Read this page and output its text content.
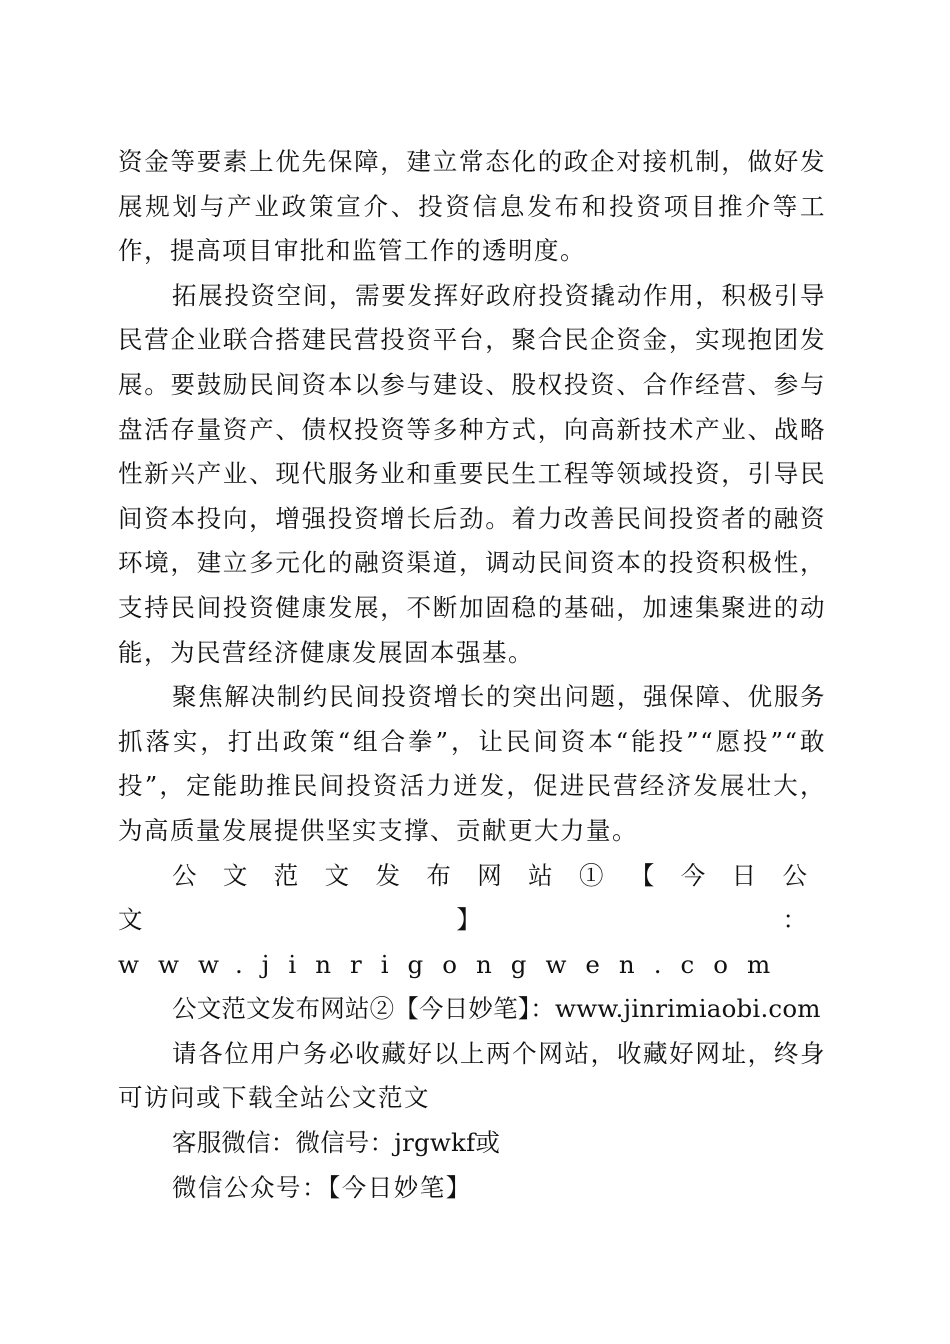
资金等要素上优先保障，建立常态化的政企对接机制，做好发展规划与产业政策宣介、投资信息发布和投资项目推介等工作，提高项目审批和监管工作的透明度。

拓展投资空间，需要发挥好政府投资撬动作用，积极引导民营企业联合搭建民营投资平台，聚合民企资金，实现抱团发展。要鼓励民间资本以参与建设、股权投资、合作经营、参与盘活存量资产、债权投资等多种方式，向高新技术产业、战略性新兴产业、现代服务业和重要民生工程等领域投资，引导民间资本投向，增强投资增长后劲。着力改善民间投资者的融资环境，建立多元化的融资渠道，调动民间资本的投资积极性，支持民间投资健康发展，不断加固稳的基础，加速集聚进的动能，为民营经济健康发展固本强基。

聚焦解决制约民间投资增长的突出问题，强保障、优服务抓落实，打出政策“组合拳”，让民间资本“能投”“愿投”“敢投”，定能助推民间投资活力迸发，促进民营经济发展壮大，为高质量发展提供坚实支撑、贡献更大力量。

公文范文发布网站①【今日公文】：www.jinrigongwen.com

公文范文发布网站②【今日妙笔】：www.jinrimiaobi.com

请各位用户务必收藏好以上两个网站，收藏好网址，终身可访问或下载全站公文范文

客服微信：微信号：jrgwkf或

微信公众号：【今日妙笔】
